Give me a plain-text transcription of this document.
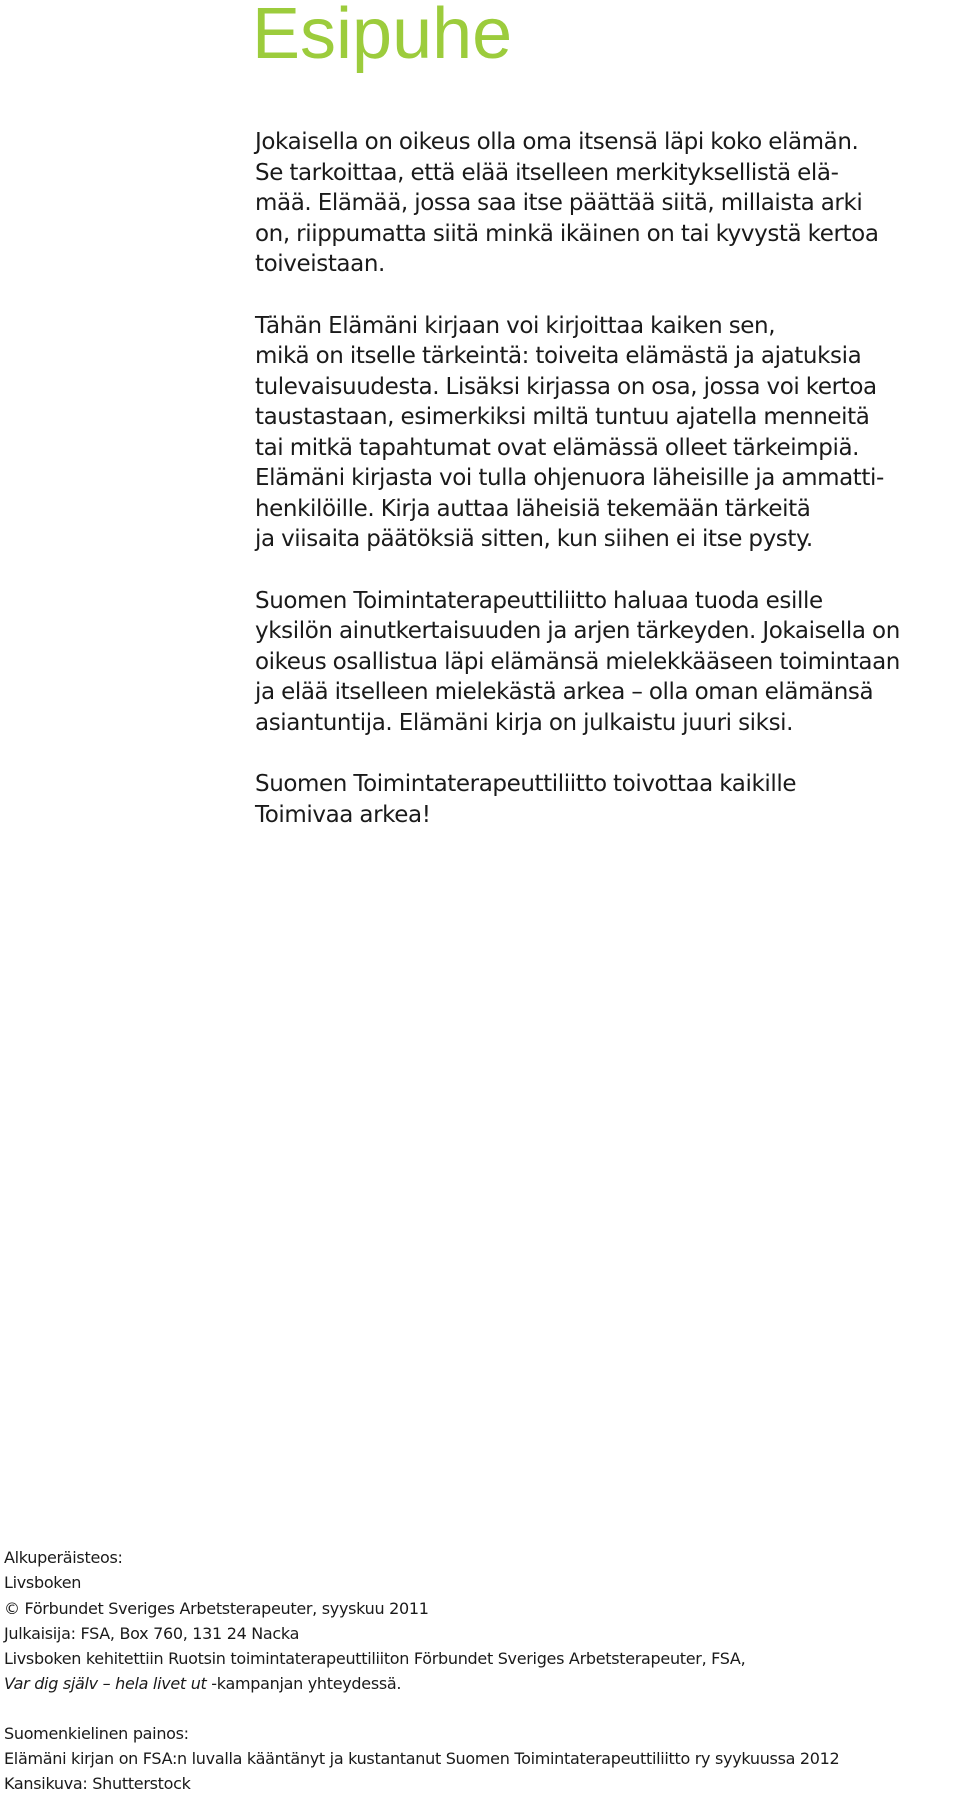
Esipuhe

Jokaisella on oikeus olla oma itsensä läpi koko elämän.
Se tarkoittaa, että elää itselleen merkityksellistä elä-
mää. Elämää, jossa saa itse päättää siitä, millaista arki
on, riippumatta siitä minkä ikäinen on tai kyvystä kertoa
toiveistaan.

Tähän Elämäni kirjaan voi kirjoittaa kaiken sen,
mikä on itselle tärkeintä: toiveita elämästä ja ajatuksia
tulevaisuudesta. Lisäksi kirjassa on osa, jossa voi kertoa
taustastaan, esimerkiksi miltä tuntuu ajatella menneitä
tai mitkä tapahtumat ovat elämässä olleet tärkeimpiä.
Elämäni kirjasta voi tulla ohjenuora läheisille ja ammatti-
henkilöille. Kirja auttaa läheisiä tekemään tärkeitä
ja viisaita päätöksiä sitten, kun siihen ei itse pysty.

Suomen Toimintaterapeuttiliitto haluaa tuoda esille
yksilön ainutkertaisuuden ja arjen tärkeyden. Jokaisella on
oikeus osallistua läpi elämänsä mielekkääseen toimintaan
ja elää itselleen mielekästä arkea – olla oman elämänsä
asiantuntija. Elämäni kirja on julkaistu juuri siksi.

Suomen Toimintaterapeuttiliitto toivottaa kaikille
Toimivaa arkea!

Alkuperäisteos:
Livsboken
© Förbundet Sveriges Arbetsterapeuter, syyskuu 2011
Julkaisija: FSA, Box 760, 131 24 Nacka
Livsboken kehitettiin Ruotsin toimintaterapeuttiliiton Förbundet Sveriges Arbetsterapeuter, FSA,
Var dig själv – hela livet ut -kampanjan yhteydessä.
Suomenkielinen painos:
Elämäni kirjan on FSA:n luvalla kääntänyt ja kustantanut Suomen Toimintaterapeuttiliitto ry syykuussa 2012
Kansikuva: Shutterstock
